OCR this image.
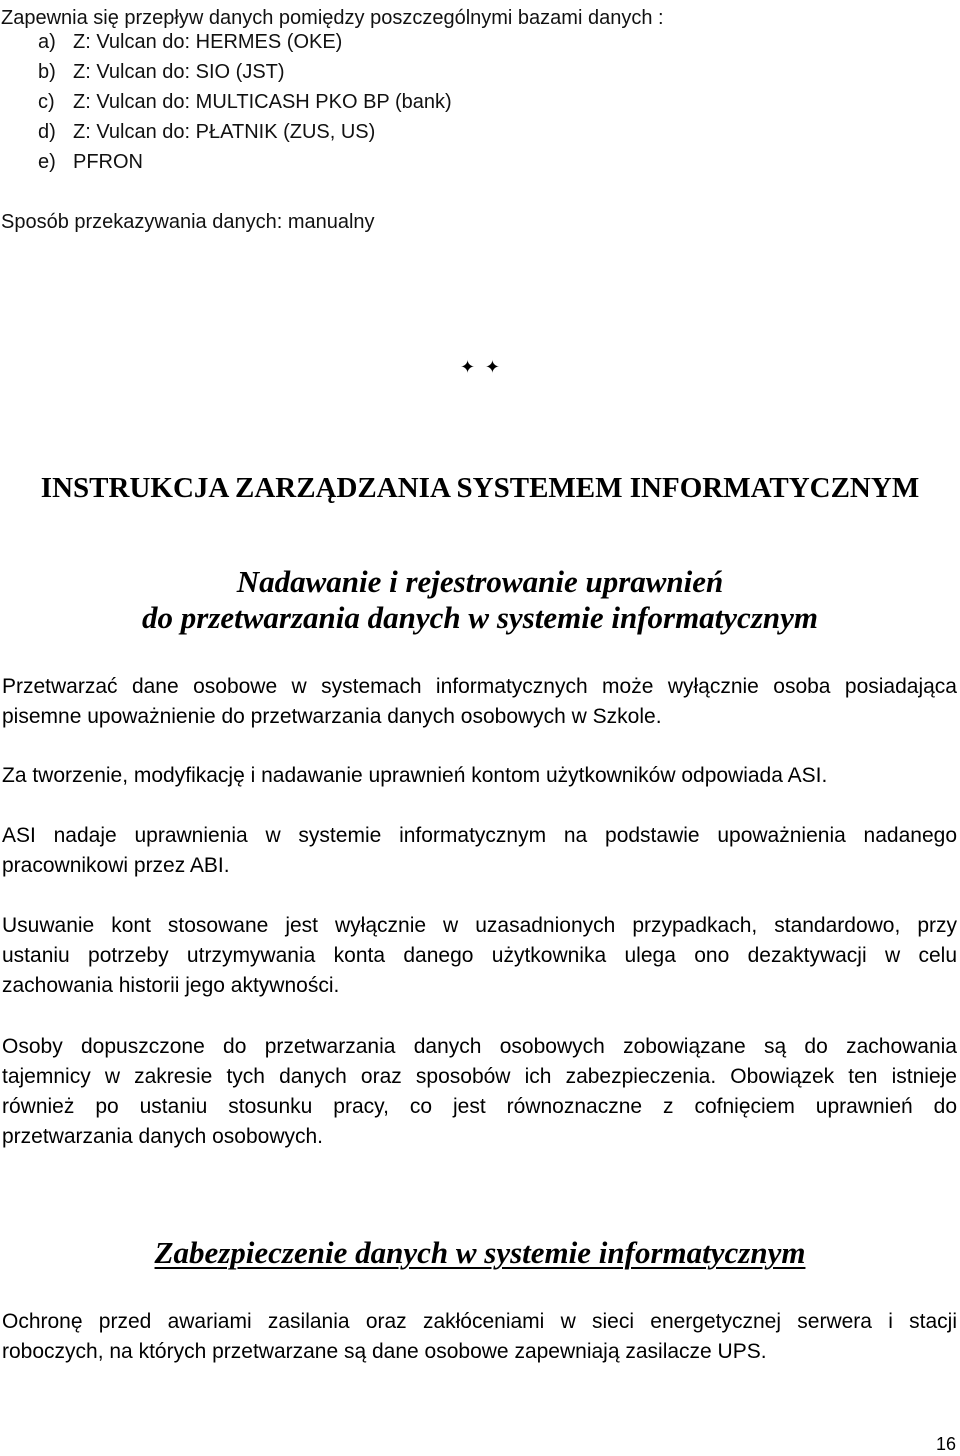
Zapewnia się przepływ danych pomiędzy poszczególnymi bazami danych :

a) Z: Vulcan do: HERMES (OKE)
b) Z: Vulcan do: SIO (JST)
c) Z: Vulcan do: MULTICASH PKO BP (bank)
d) Z: Vulcan do: PŁATNIK (ZUS, US)
e) PFRON

Sposób przekazywania danych: manualny

✦ ✦

INSTRUKCJA ZARZĄDZANIA SYSTEMEM INFORMATYCZNYM
Nadawanie i rejestrowanie uprawnień
do przetwarzania danych w systemie informatycznym
Przetwarzać dane osobowe w systemach informatycznych może wyłącznie osoba posiadająca
pisemne upoważnienie do przetwarzania danych osobowych w Szkole.
Za tworzenie, modyfikację i nadawanie uprawnień kontom użytkowników odpowiada ASI.
ASI nadaje uprawnienia w systemie informatycznym na podstawie upoważnienia nadanego
pracownikowi przez ABI.
Usuwanie kont stosowane jest wyłącznie w uzasadnionych przypadkach, standardowo, przy
ustaniu potrzeby utrzymywania konta danego użytkownika ulega ono dezaktywacji w celu
zachowania historii jego aktywności.
Osoby dopuszczone do przetwarzania danych osobowych zobowiązane są do zachowania
tajemnicy w zakresie tych danych oraz sposobów ich zabezpieczenia. Obowiązek ten istnieje
również po ustaniu stosunku pracy, co jest równoznaczne z cofnięciem uprawnień do
przetwarzania danych osobowych.
Zabezpieczenie danych w systemie informatycznym
Ochronę przed awariami zasilania oraz zakłóceniami w sieci energetycznej serwera i stacji
roboczych, na których przetwarzane są dane osobowe zapewniają zasilacze UPS.

16
